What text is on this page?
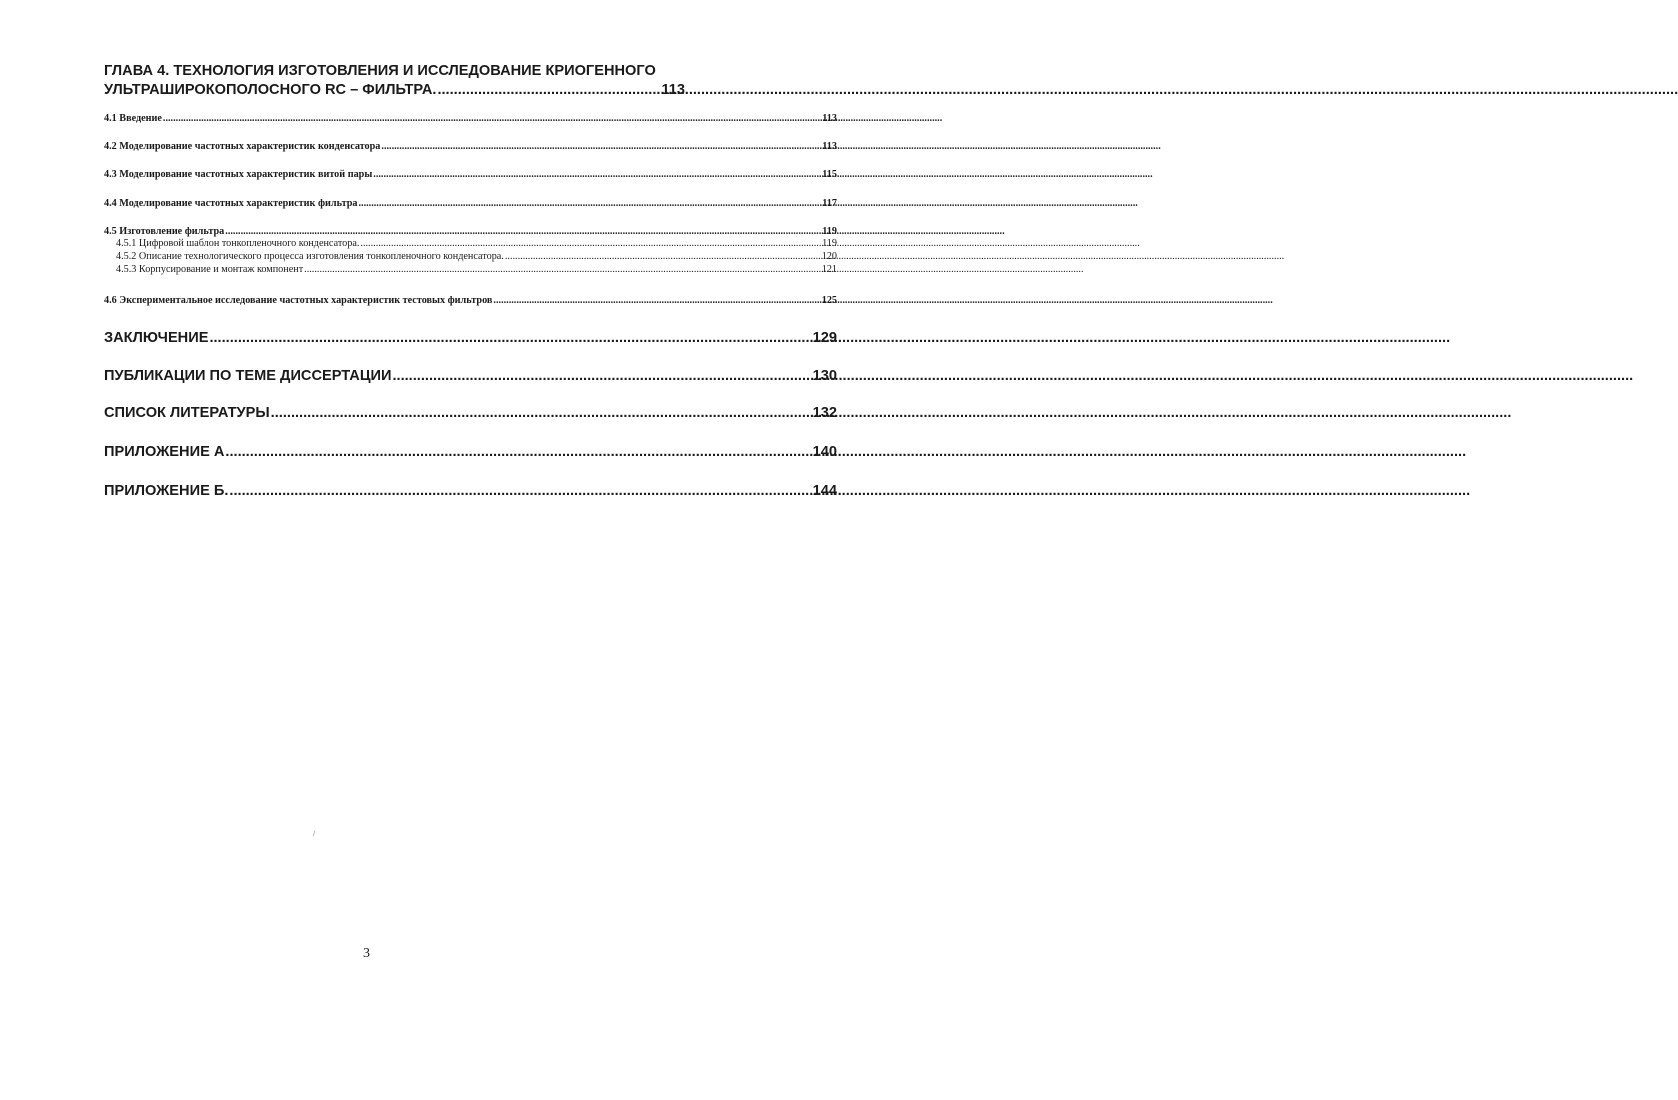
ГЛАВА 4. ТЕХНОЛОГИЯ ИЗГОТОВЛЕНИЯ И ИССЛЕДОВАНИЕ КРИОГЕННОГО
УЛЬТРАШИРОКОПОЛОСНОГО RC – ФИЛЬТРА. .....	113
4.1 Введение .....	113
4.2 Моделирование частотных характеристик конденсатора .....	113
4.3 Моделирование частотных характеристик витой пары .....	115
4.4 Моделирование частотных характеристик фильтра .....	117
4.5 Изготовление фильтра .....	119
4.5.1 Цифровой шаблон тонкопленочного конденсатора. .....	119
4.5.2 Описание технологического процесса изготовления тонкопленочного конденсатора. .....	120
4.5.3 Корпусирование и монтаж компонент .....	121
4.6 Экспериментальное исследование частотных характеристик тестовых фильтров .....	125
ЗАКЛЮЧЕНИЕ .....	129
ПУБЛИКАЦИИ ПО ТЕМЕ ДИССЕРТАЦИИ .....	130
СПИСОК ЛИТЕРАТУРЫ .....	132
ПРИЛОЖЕНИЕ А .....	140
ПРИЛОЖЕНИЕ Б. .....	144
/
3
